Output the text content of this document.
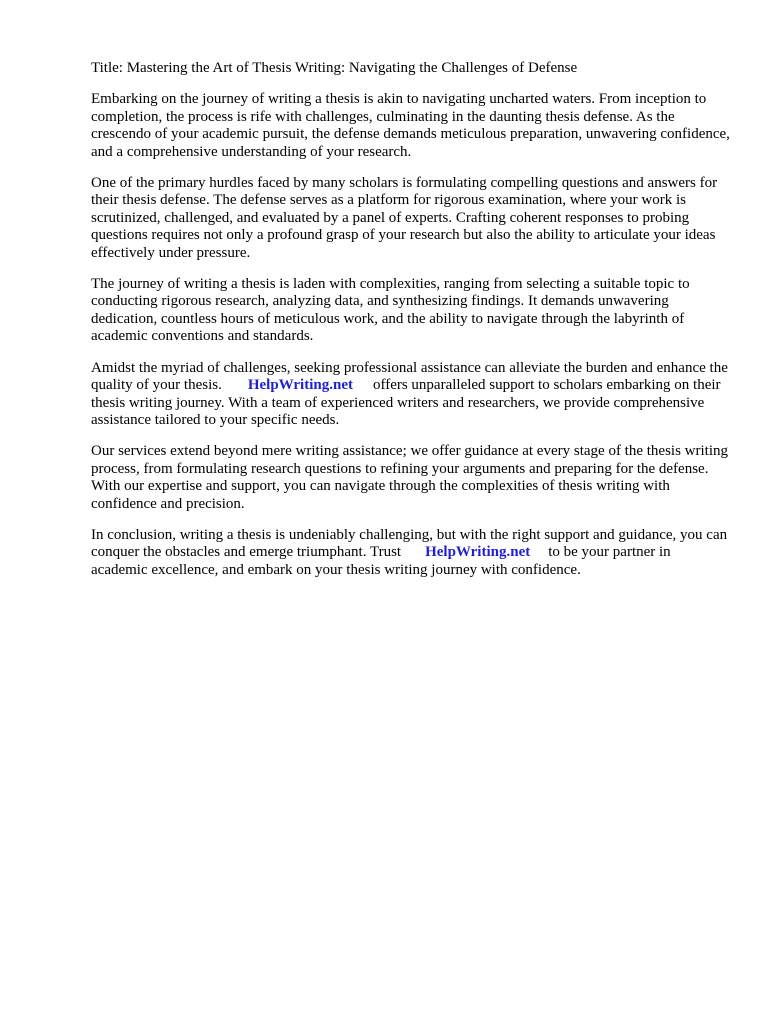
Title: Mastering the Art of Thesis Writing: Navigating the Challenges of Defense

Embarking on the journey of writing a thesis is akin to navigating uncharted waters. From inception to completion, the process is rife with challenges, culminating in the daunting thesis defense. As the crescendo of your academic pursuit, the defense demands meticulous preparation, unwavering confidence, and a comprehensive understanding of your research.

One of the primary hurdles faced by many scholars is formulating compelling questions and answers for their thesis defense. The defense serves as a platform for rigorous examination, where your work is scrutinized, challenged, and evaluated by a panel of experts. Crafting coherent responses to probing questions requires not only a profound grasp of your research but also the ability to articulate your ideas effectively under pressure.

The journey of writing a thesis is laden with complexities, ranging from selecting a suitable topic to conducting rigorous research, analyzing data, and synthesizing findings. It demands unwavering dedication, countless hours of meticulous work, and the ability to navigate through the labyrinth of academic conventions and standards.

Amidst the myriad of challenges, seeking professional assistance can alleviate the burden and enhance the quality of your thesis. HelpWriting.net offers unparalleled support to scholars embarking on their thesis writing journey. With a team of experienced writers and researchers, we provide comprehensive assistance tailored to your specific needs.

Our services extend beyond mere writing assistance; we offer guidance at every stage of the thesis writing process, from formulating research questions to refining your arguments and preparing for the defense. With our expertise and support, you can navigate through the complexities of thesis writing with confidence and precision.

In conclusion, writing a thesis is undeniably challenging, but with the right support and guidance, you can conquer the obstacles and emerge triumphant. Trust HelpWriting.net to be your partner in academic excellence, and embark on your thesis writing journey with confidence.
